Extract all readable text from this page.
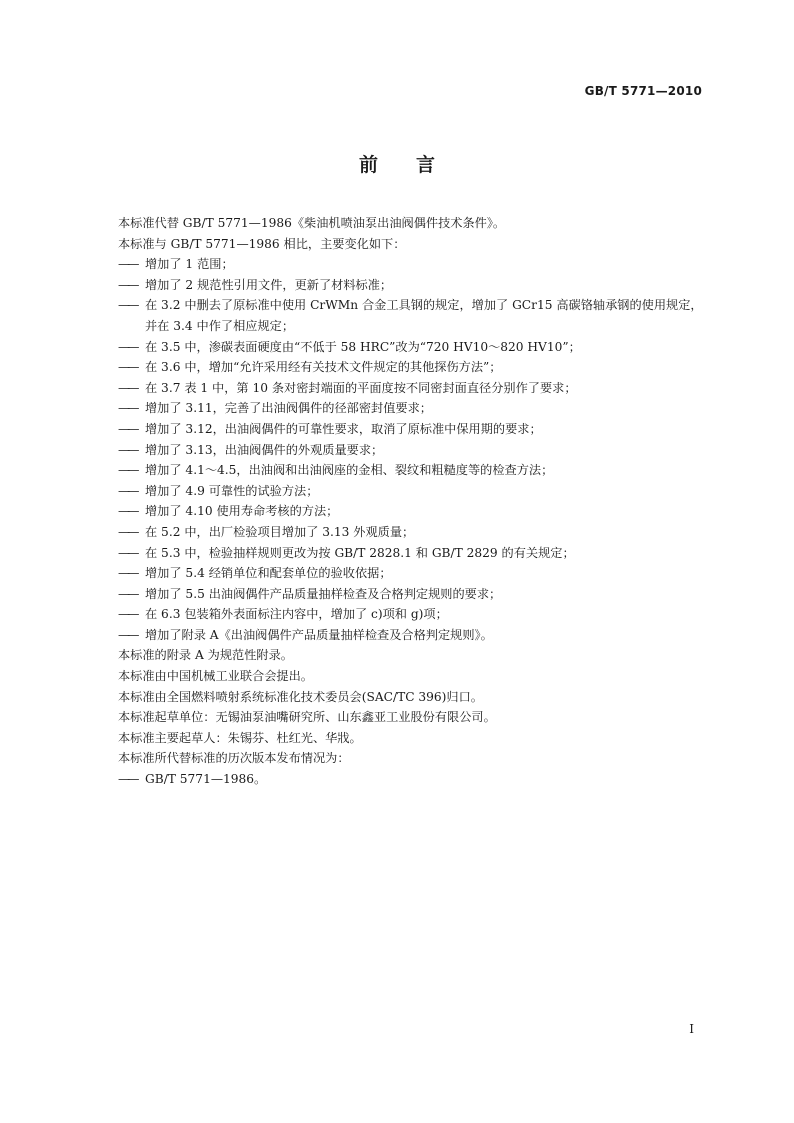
GB/T 5771—2010
前 言

本标准代替 GB/T 5771—1986《柴油机喷油泵出油阀偶件技术条件》。

本标准与 GB/T 5771—1986 相比，主要变化如下：

—— 增加了 1 范围；

—— 增加了 2 规范性引用文件，更新了材料标准；

—— 在 3.2 中删去了原标准中使用 CrWMn 合金工具钢的规定，增加了 GCr15 高碳铬轴承钢的使用规定，并在 3.4 中作了相应规定；

—— 在 3.5 中，渗碳表面硬度由“不低于 58 HRC”改为“720 HV10～820 HV10”；

—— 在 3.6 中，增加“允许采用经有关技术文件规定的其他探伤方法”；

—— 在 3.7 表 1 中，第 10 条对密封端面的平面度按不同密封面直径分别作了要求；

—— 增加了 3.11，完善了出油阀偶件的径部密封值要求；

—— 增加了 3.12，出油阀偶件的可靠性要求，取消了原标准中保用期的要求；

—— 增加了 3.13，出油阀偶件的外观质量要求；

—— 增加了 4.1～4.5，出油阀和出油阀座的金相、裂纹和粗糙度等的检查方法；

—— 增加了 4.9 可靠性的试验方法；

—— 增加了 4.10 使用寿命考核的方法；

—— 在 5.2 中，出厂检验项目增加了 3.13 外观质量；

—— 在 5.3 中，检验抽样规则更改为按 GB/T 2828.1 和 GB/T 2829 的有关规定；

—— 增加了 5.4 经销单位和配套单位的验收依据；

—— 增加了 5.5 出油阀偶件产品质量抽样检查及合格判定规则的要求；

—— 在 6.3 包装箱外表面标注内容中，增加了 c)项和 g)项；

—— 增加了附录 A《出油阀偶件产品质量抽样检查及合格判定规则》。

本标准的附录 A 为规范性附录。

本标准由中国机械工业联合会提出。

本标准由全国燃料喷射系统标准化技术委员会(SAC/TC 396)归口。

本标准起草单位：无锡油泵油嘴研究所、山东鑫亚工业股份有限公司。

本标准主要起草人：朱锡芬、杜红光、华戕。

本标准所代替标准的历次版本发布情况为：

—— GB/T 5771—1986。

I
